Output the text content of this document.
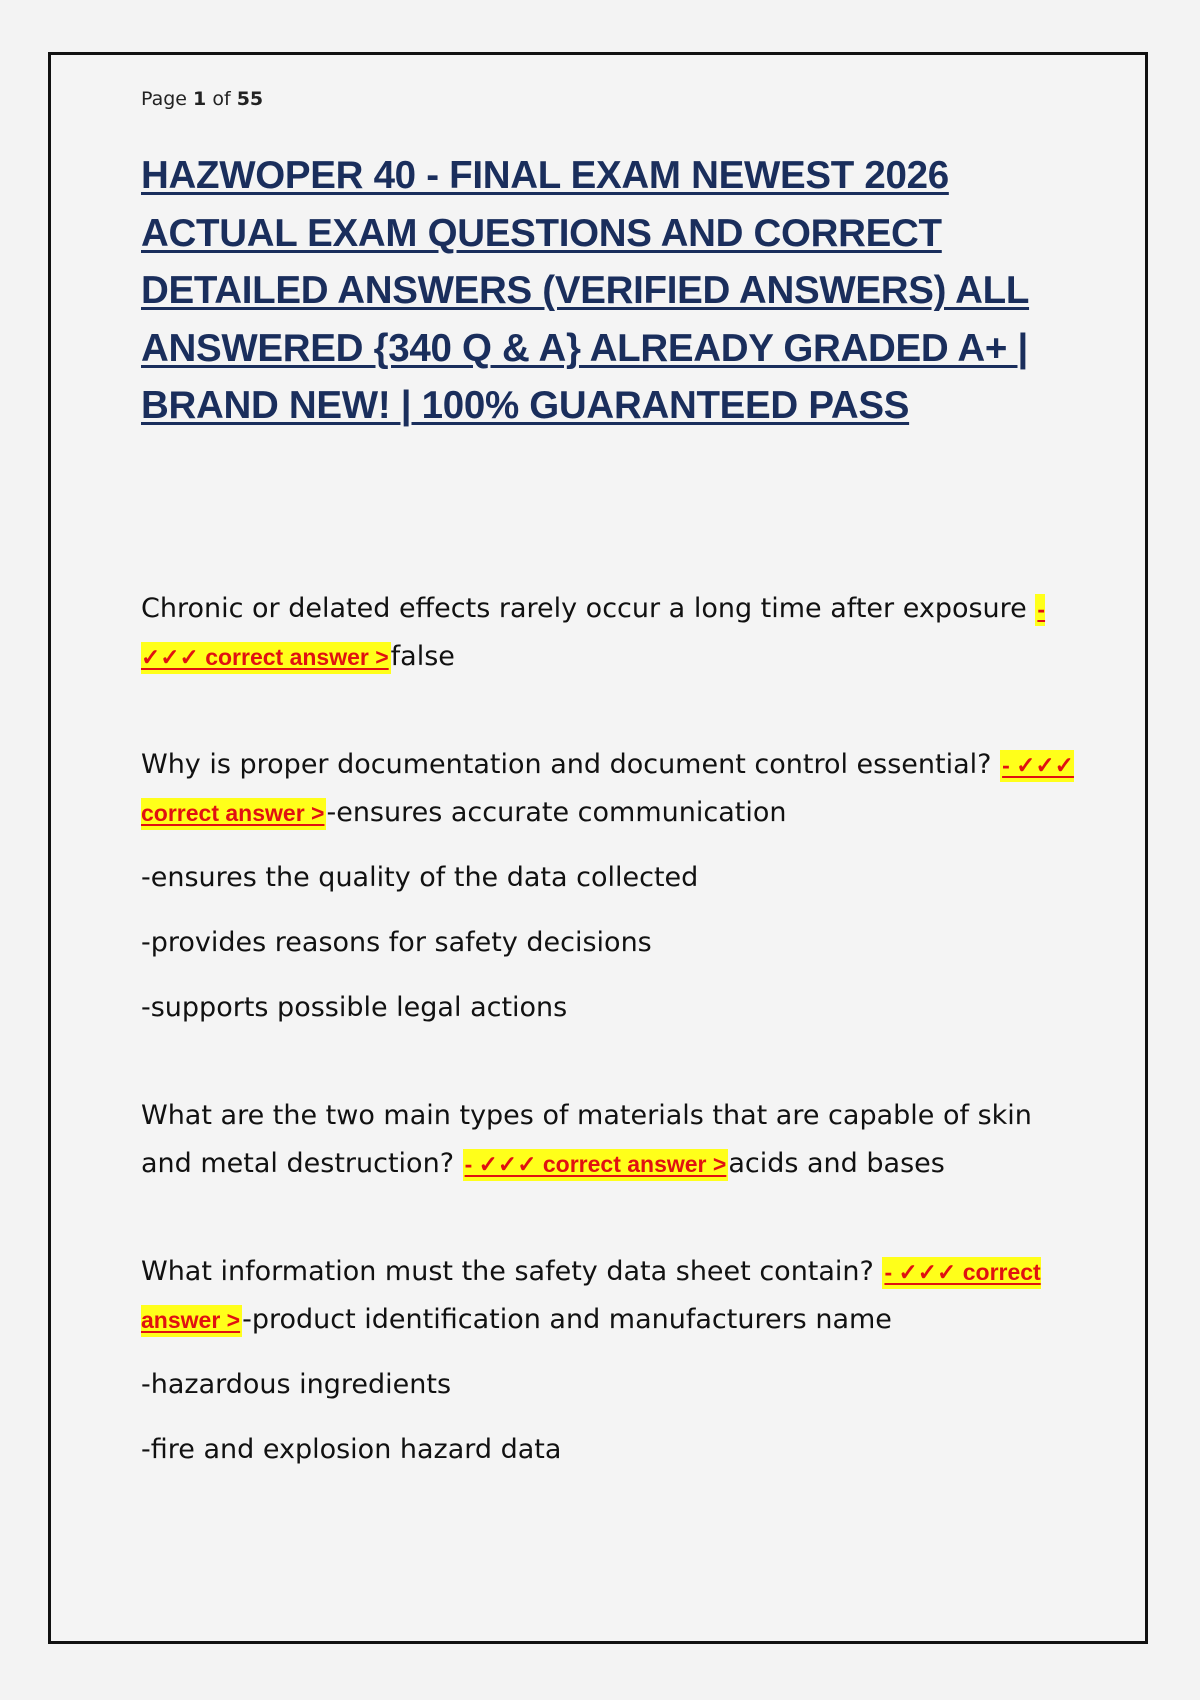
Page 1 of 55

HAZWOPER 40 - FINAL EXAM NEWEST 2026 ACTUAL EXAM QUESTIONS AND CORRECT DETAILED ANSWERS (VERIFIED ANSWERS) ALL ANSWERED {340 Q & A} ALREADY GRADED A+ | BRAND NEW! | 100% GUARANTEED PASS

Chronic or delated effects rarely occur a long time after exposure - ✓✓✓ correct answer >false

Why is proper documentation and document control essential? - ✓✓✓ correct answer >-ensures accurate communication

-ensures the quality of the data collected

-provides reasons for safety decisions

-supports possible legal actions

What are the two main types of materials that are capable of skin and metal destruction? - ✓✓✓ correct answer >acids and bases

What information must the safety data sheet contain? - ✓✓✓ correct answer >-product identification and manufacturers name

-hazardous ingredients

-fire and explosion hazard data
